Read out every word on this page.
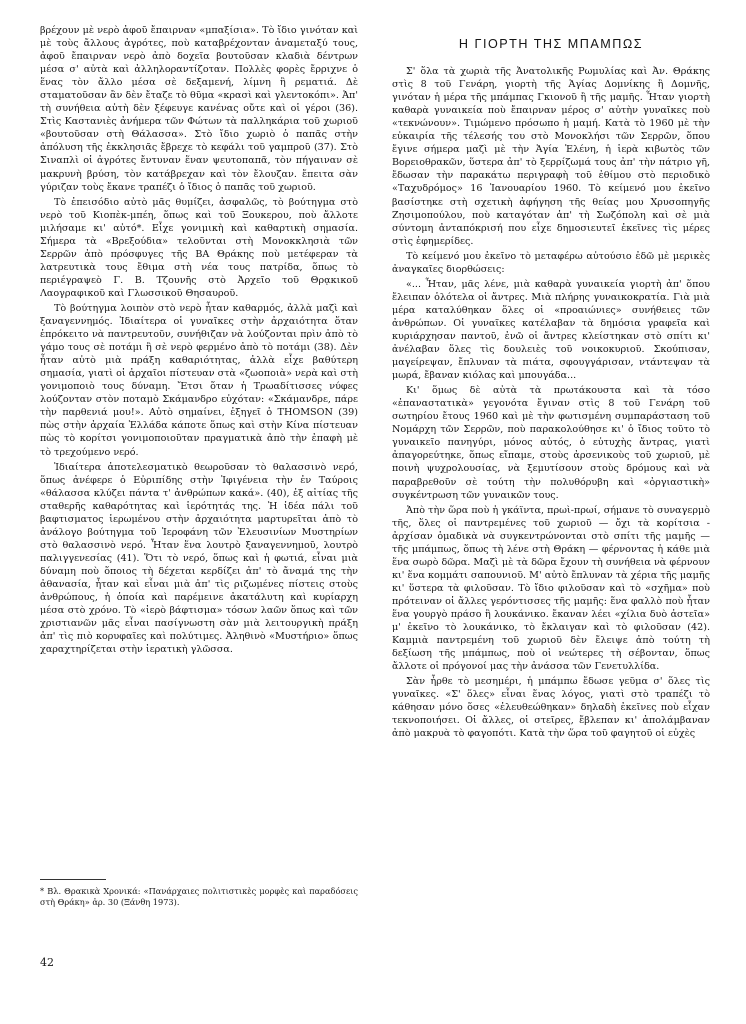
βρέχουν μὲ νερὸ ἀφοῦ ἔπαιρναν «μπαξίσια». Τὸ ἴδιο γινόταν καὶ μὲ τοὺς ἄλλους ἀγρότες, ποὺ καταβρέχονταν ἀναμεταξύ τους, ἀφοῦ ἔπαιρναν νερὸ ἀπὸ δοχεῖα βουτοῦσαν κλαδιὰ δέντρων μέσα σ' αὐτὰ καὶ ἀλληλοραντίζοταν. Πολλὲς φορὲς ἔρριχνε ὁ ἕνας τὸν ἄλλο μέσα σὲ δεξαμενή, λίμνη ἢ ρεματιά. Δὲ σταματοῦσαν ἂν δὲν ἔταζε τὸ θῦμα «κρασὶ καὶ γλεντοκόπι». Ἀπ' τὴ συνήθεια αὐτὴ δὲν ξέφευγε κανένας οὔτε καὶ οἱ γέροι (36). Στὶς Καστανιὲς ἀνήμερα τῶν Φώτων τὰ παλληκάρια τοῦ χωριοῦ «βουτοῦσαν στὴ Θάλασσα». Στὸ ἴδιο χωριὸ ὁ παπᾶς στὴν ἀπόλυση τῆς ἐκκλησιᾶς ἔβρεχε τὸ κεφάλι τοῦ γαμπροῦ (37). Στὸ Σιναπλὶ οἱ ἀγρότες ἔντυναν ἕναν ψευτοπαπᾶ, τὸν πήγαιναν σὲ μακρυνὴ βρύση, τὸν κατάβρεχαν καὶ τὸν ἔλουζαν. ἔπειτα σὰν γύριζαν τοὺς ἔκανε τραπέζι ὁ ἴδιος ὁ παπᾶς τοῦ χωριοῦ.

Τὸ ἐπεισόδιο αὐτὸ μᾶς θυμίζει, ἀσφαλῶς, τὸ βούτηγμα στὸ νερὸ τοῦ Κιοπὲκ-μπέη, ὅπως καὶ τοῦ Ξουκερου, ποὺ ἄλλοτε μιλήσαμε κι' αὐτό*. Εἶχε γονιμικὴ καὶ καθαρτικὴ σημασία. Σήμερα τὰ «Βρεξούδια» τελοῦνται στὴ Μονοκκλησιὰ τῶν Σερρῶν ἀπὸ πρόσφυγες τῆς ΒΑ Θράκης ποὺ μετέφεραν τὰ λατρευτικὰ τους ἔθιμα στὴ νέα τους πατρίδα, ὅπως τὸ περιέγραψεὸ Γ. Β. Τζουνῆς στὸ Ἀρχεῖο τοῦ Θρᾳκικοῦ Λαογραφικοῦ καὶ Γλωσσικοῦ Θησαυροῦ.

Τὸ βούτηγμα λοιπὸν στὸ νερὸ ἦταν καθαρμός, ἀλλὰ μαζὶ καὶ ξαναγεννημός. Ἰδιαίτερα οἱ γυναῖκες στὴν ἀρχαιότητα ὅταν ἐπρόκειτο νὰ παντρευτοῦν, συνήθιζαν νὰ λούζονται πρὶν ἀπὸ τὸ γάμο τους σὲ ποτάμι ἢ σὲ νερὸ φερμένο ἀπὸ τὸ ποτάμι (38). Δὲν ἦταν αὐτὸ μιὰ πράξη καθαριότητας, ἀλλὰ εἶχε βαθύτερη σημασία, γιατὶ οἱ ἀρχαῖοι πίστευαν στὰ «ζωοποιὰ» νερὰ καὶ στὴ γονιμοποιὸ τους δύναμη. Ἔτσι ὅταν ἡ Τρωαδίτισσες νύφες λούζονταν στὸν ποταμὸ Σκάμανδρο εὐχόταν: «Σκάμανδρε, πάρε τὴν παρθενιά μου!». Αὐτὸ σημαίνει, ἐξηγεῖ ὁ THOMSON (39) πὼς στὴν ἀρχαία Ἑλλάδα κάποτε ὅπως καὶ στὴν Κίνα πίστευαν πὼς τὸ κορίτσι γονιμοποιοῦταν πραγματικὰ ἀπὸ τὴν ἐπαφὴ μὲ τὸ τρεχούμενο νερό.

Ἰδιαίτερα ἀποτελεσματικὸ θεωροῦσαν τὸ θαλασσινὸ νερό, ὅπως ἀνέφερε ὁ Εὐριπίδης στὴν Ἰφιγένεια τὴν ἐν Ταύροις «θάλασσα κλύζει πάντα τ' ἀνθρώπων κακά». (40), ἐξ αἰτίας τῆς σταθερῆς καθαρότητας καὶ ἱερότητάς της. Ἡ ἰδέα πάλι τοῦ βαφτισματος ἱερωμένου στὴν ἀρχαιότητα μαρτυρεῖται ἀπὸ τὸ ἀνάλογο βούτηγμα τοῦ Ἱεροφάνη τῶν Ἐλευσινίων Μυστηρίων στὸ θαλασσινὸ νερό. Ἦταν ἕνα λουτρὸ ξαναγεννημοῦ, λουτρὸ παλιγγενεσίας (41). Ὅτι τὸ νερό, ὅπως καὶ ἡ φωτιά, εἶναι μιὰ δύναμη ποὺ ὅποιος τὴ δέχεται κερδίζει ἀπ' τὸ ἄναμά της τὴν ἀθανασία, ἦταν καὶ εἶναι μιὰ ἀπ' τὶς ριζωμένες πίστεις στοὺς ἀνθρώπους, ἡ ὁποία καὶ παρέμεινε ἀκατάλυτη καὶ κυρίαρχη μέσα στὸ χρόνο. Τὸ «ἱερὸ βάφτισμα» τόσων λαῶν ὅπως καὶ τῶν χριστιανῶν μᾶς εἶναι πασίγνωστη σὰν μιὰ λειτουργικὴ πράξη ἀπ' τὶς πιὸ κορυφαῖες καὶ πολύτιμες. Ἀληθινὸ «Μυστήριο» ὅπως χαραχτηρίζεται στὴν ἱερατικὴ γλῶσσα.

Η ΓΙΟΡΤΗ ΤΗΣ ΜΠΑΜΠΩΣ

Σ' ὅλα τὰ χωριὰ τῆς Ἀνατολικῆς Ρωμυλίας καὶ Ἀν. Θράκης στὶς 8 τοῦ Γενάρη, γιορτὴ τῆς Ἁγίας Δομνίκης ἢ Δομνῆς, γινόταν ἡ μέρα τῆς μπάμπας Γκιονοῦ ἢ τῆς μαμῆς. Ἦταν γιορτὴ καθαρὰ γυναικεία ποὺ ἔπαιρναν μέρος σ' αὐτὴν γυναῖκες ποὺ «τεκνώνουν». Τιμώμενο πρόσωπο ἡ μαμή. Κατὰ τὸ 1960 μὲ τὴν εὐκαιρία τῆς τέλεσής του στὸ Μονοκλήσι τῶν Σερρῶν, ὅπου ἔγινε σήμερα μαζὶ μὲ τὴν Ἁγία Ἑλένη, ἡ ἱερὰ κιβωτὸς τῶν Βορειοθρακῶν, ὕστερα ἀπ' τὸ ξερρίζωμά τους ἀπ' τὴν πάτριο γῆ, ἔδωσαν τὴν παρακάτω περιγραφὴ τοῦ ἐθίμου στὸ περιοδικὸ «Ταχυδρόμος» 16 Ἰανουαρίου 1960. Τὸ κείμενό μου ἐκεῖνο βασίστηκε στὴ σχετικὴ ἀφήγηση τῆς θείας μου Χρυσοπηγῆς Ζησιμοπούλου, ποὺ καταγόταν ἀπ' τὴ Σωζόπολη καὶ σὲ μιὰ σύντομη ἀνταπόκρισή που εἶχε δημοσιευτεῖ ἐκεῖνες τὶς μέρες στὶς ἐφημερίδες.

Τὸ κείμενό μου ἐκεῖνο τὸ μεταφέρω αὐτούσιο ἐδῶ μὲ μερικὲς ἀναγκαῖες διορθώσεις:

«... Ἦταν, μᾶς λένε, μιὰ καθαρὰ γυναικεία γιορτὴ ἀπ' ὅπου ἔλειπαν ὁλότελα οἱ ἄντρες. Μιὰ πλήρης γυναικοκρατία. Γιὰ μιὰ μέρα καταλύθηκαν ὅλες οἱ «προαιώνιες» συνήθειες τῶν ἀνθρώπων. Οἱ γυναῖκες κατέλαβαν τὰ δημόσια γραφεῖα καὶ κυριάρχησαν παντοῦ, ἐνῶ οἱ ἄντρες κλείστηκαν στὸ σπίτι κι' ἀνέλαβαν ὅλες τὶς δουλειὲς τοῦ νοικοκυριοῦ. Σκούπισαν, μαγείρεψαν, ἔπλυναν τὰ πιάτα, σφουγγάρισαν, ντάντεψαν τὰ μωρά, ἔβαναν κιόλας καὶ μπουγάδα...

Κι' ὅμως δὲ αὐτὰ τὰ πρωτάκουστα καὶ τὰ τόσο «ἐπαναστατικὰ» γεγονότα ἔγιναν στὶς 8 τοῦ Γενάρη τοῦ σωτηρίου ἔτους 1960 καὶ μὲ τὴν φωτισμένη συμπαράσταση τοῦ Νομάρχη τῶν Σερρῶν, ποὺ παρακολούθησε κι' ὁ ἴδιος τοῦτο τὸ γυναικεῖο πανηγύρι, μόνος αὐτός, ὁ εὐτυχὴς ἄντρας, γιατὶ ἀπαγορεύτηκε, ὅπως εἴπαμε, στοὺς ἀρσενικοὺς τοῦ χωριοῦ, μὲ ποινὴ ψυχρολουσίας, νὰ ξεμυτίσουν στοὺς δρόμους καὶ νὰ παραβρεθοῦν σὲ τούτη τὴν πολυθόρυβη καὶ «ὀργιαστικὴ» συγκέντρωση τῶν γυναικῶν τους.

Ἀπὸ τὴν ὥρα ποὺ ἡ γκάϊντα, πρωὶ-πρωί, σήμανε τὸ συναγερμὸ τῆς, ὅλες οἱ παντρεμένες τοῦ χωριοῦ — ὄχι τὰ κορίτσια - ἀρχίσαν ὁμαδικὰ νὰ συγκεντρώνονται στὸ σπίτι τῆς μαμῆς — τῆς μπάμπως, ὅπως τὴ λένε στὴ Θράκη — φέρνοντας ἡ κάθε μιὰ ἕνα σωρὸ δῶρα. Μαζὶ μὲ τὰ δῶρα ἔχουν τὴ συνήθεια νὰ φέρνουν κι' ἕνα κομμάτι σαπουνιοῦ. Μ' αὐτὸ ἔπλυναν τὰ χέρια τῆς μαμῆς κι' ὕστερα τὰ φιλοῦσαν. Τὸ ἴδιο φιλοῦσαν καὶ τὸ «σχῆμα» ποὺ πρότειναν οἱ ἄλλες γερόντισσες τῆς μαμῆς: ἕνα φαλλὸ ποὺ ἦταν ἕνα γουργὸ πράσο ἢ λουκάνικο. ἔκαναν λέει «χίλια δυὸ ἀστεῖα» μ' ἐκεῖνο τὸ λουκάνικο, τὸ ἔκλαιγαν καὶ τὸ φιλοῦσαν (42). Καμμιὰ παντρεμένη τοῦ χωριοῦ δὲν ἔλειψε ἀπὸ τούτη τὴ δεξίωση τῆς μπάμπως, ποὺ οἱ νεώτερες τὴ σέβονταν, ὅπως ἄλλοτε οἱ πρόγονοί μας τὴν ἀνάσσα τῶν Γενετυλλίδα.

Σὰν ἦρθε τὸ μεσημέρι, ἡ μπάμπω ἔδωσε γεῦμα σ' ὅλες τὶς γυναῖκες. «Σ' ὅλες» εἶναι ἕνας λόγος, γιατὶ στὸ τραπέζι τὸ κάθησαν μόνο ὅσες «ἐλευθεώθηκαν» δηλαδὴ ἐκεῖνες ποὺ εἶχαν τεκνοποιήσει. Οἱ ἄλλες, οἱ στεῖρες, ἔβλεπαν κι' ἀπολάμβαναν ἀπὸ μακρυὰ τὸ φαγοπότι. Κατὰ τὴν ὥρα τοῦ φαγητοῦ οἱ εὐχὲς

* Βλ. Θρακικὰ Χρονικά: «Πανάρχαιες πολιτιστικὲς μορφὲς καὶ παραδόσεις στὴ Θράκη» ἀρ. 30 (Ξάνθη 1973).
42
